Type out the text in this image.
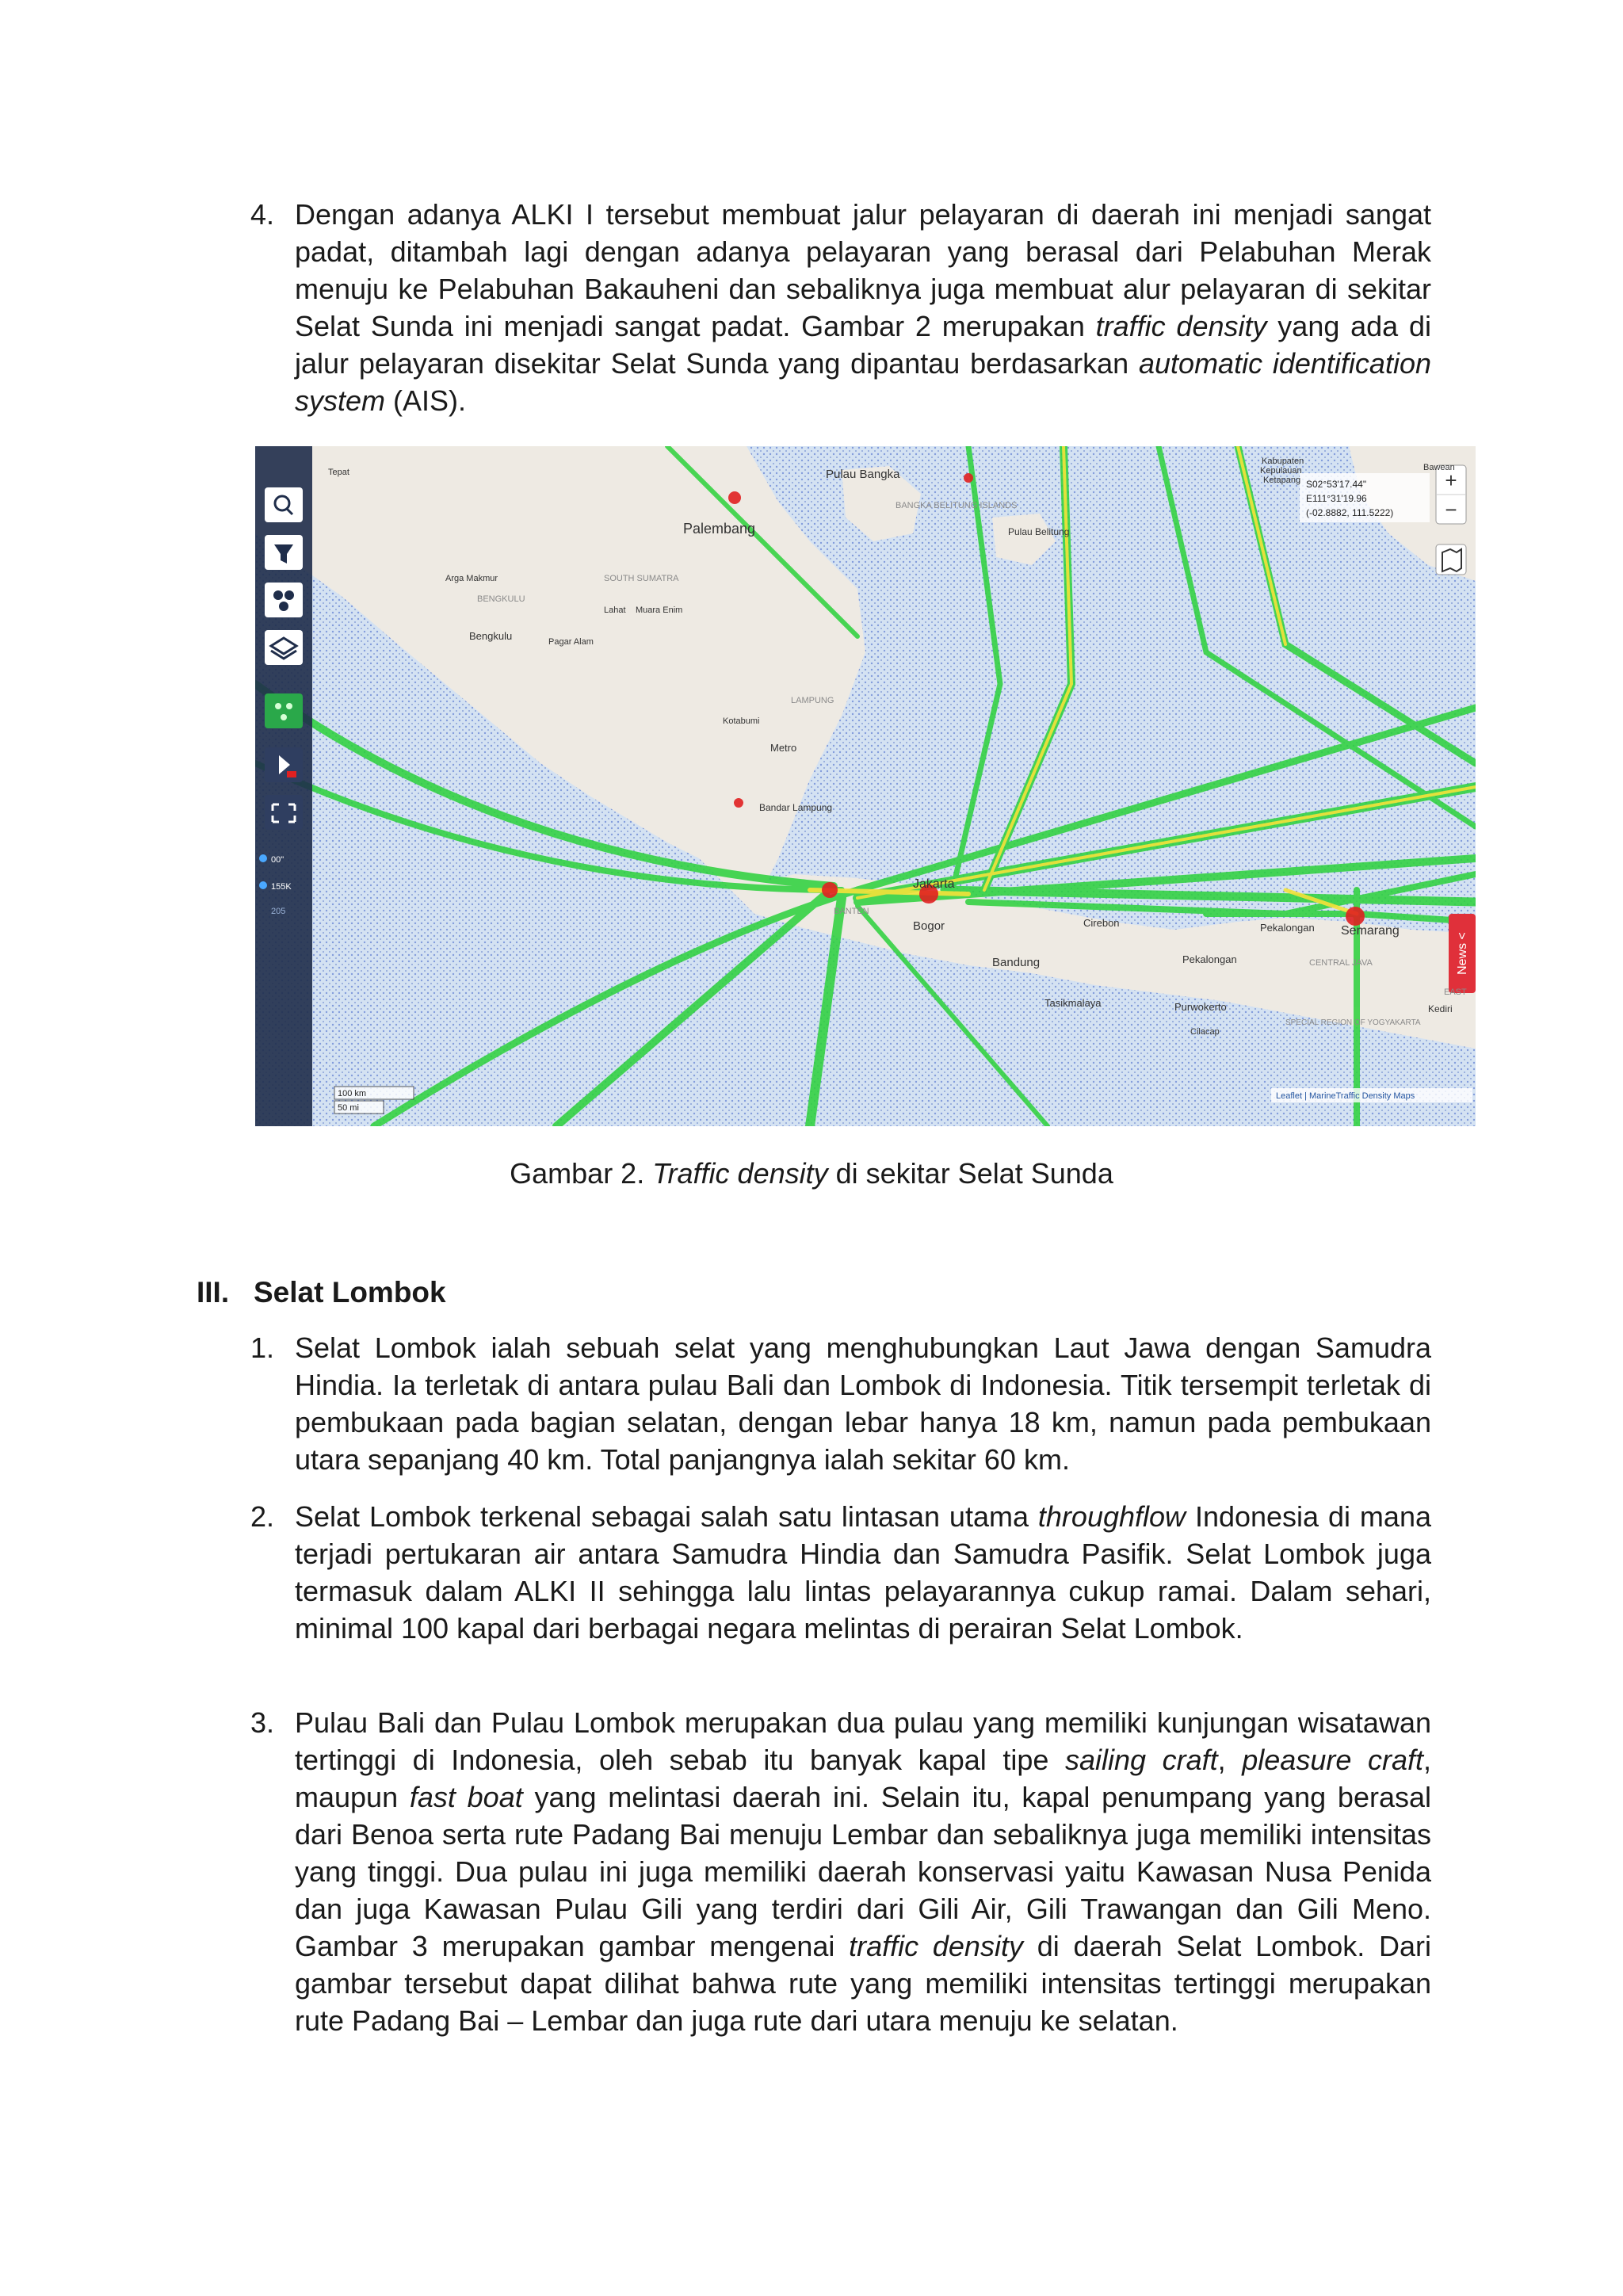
4. Dengan adanya ALKI I tersebut membuat jalur pelayaran di daerah ini menjadi sangat padat, ditambah lagi dengan adanya pelayaran yang berasal dari Pelabuhan Merak menuju ke Pelabuhan Bakauheni dan sebaliknya juga membuat alur pelayaran di sekitar Selat Sunda ini menjadi sangat padat. Gambar 2 merupakan traffic density yang ada di jalur pelayaran disekitar Selat Sunda yang dipantau berdasarkan automatic identification system (AIS).
00"
155K
205
+
−
S02°53'17.44"
E111°31'19.96
(-02.8882, 111.5222)
News <
100 km
50 mi
Leaflet | MarineTraffic Density Maps
Palembang
Pulau Bangka
BANGKA BELITUNG ISLANDS
Pulau Belitung
Tepat
Arga Makmur
BENGKULU
Bengkulu
SOUTH SUMATRA
Lahat Muara Enim
Pagar Alam
LAMPUNG
Kotabumi
Metro
Bandar Lampung
Jakarta
BANTEN
Bogor
Bandung
Cirebon
Tasikmalaya
Pekalongan
Pekalongan Semarang
CENTRAL JAVA
Purwokerto
Cilacap
SPECIAL REGION OF YOGYAKARTA
EAST
Kediri
Bawean
Kabupaten
Kepulauan
Ketapang
Gambar 2. Traffic density di sekitar Selat Sunda
III. Selat Lombok
1. Selat Lombok ialah sebuah selat yang menghubungkan Laut Jawa dengan Samudra Hindia. Ia terletak di antara pulau Bali dan Lombok di Indonesia. Titik tersempit terletak di pembukaan pada bagian selatan, dengan lebar hanya 18 km, namun pada pembukaan utara sepanjang 40 km. Total panjangnya ialah sekitar 60 km.
2. Selat Lombok terkenal sebagai salah satu lintasan utama throughflow Indonesia di mana terjadi pertukaran air antara Samudra Hindia dan Samudra Pasifik. Selat Lombok juga termasuk dalam ALKI II sehingga lalu lintas pelayarannya cukup ramai. Dalam sehari, minimal 100 kapal dari berbagai negara melintas di perairan Selat Lombok.
3. Pulau Bali dan Pulau Lombok merupakan dua pulau yang memiliki kunjungan wisatawan tertinggi di Indonesia, oleh sebab itu banyak kapal tipe sailing craft, pleasure craft, maupun fast boat yang melintasi daerah ini. Selain itu, kapal penumpang yang berasal dari Benoa serta rute Padang Bai menuju Lembar dan sebaliknya juga memiliki intensitas yang tinggi. Dua pulau ini juga memiliki daerah konservasi yaitu Kawasan Nusa Penida dan juga Kawasan Pulau Gili yang terdiri dari Gili Air, Gili Trawangan dan Gili Meno. Gambar 3 merupakan gambar mengenai traffic density di daerah Selat Lombok. Dari gambar tersebut dapat dilihat bahwa rute yang memiliki intensitas tertinggi merupakan rute Padang Bai – Lembar dan juga rute dari utara menuju ke selatan.
